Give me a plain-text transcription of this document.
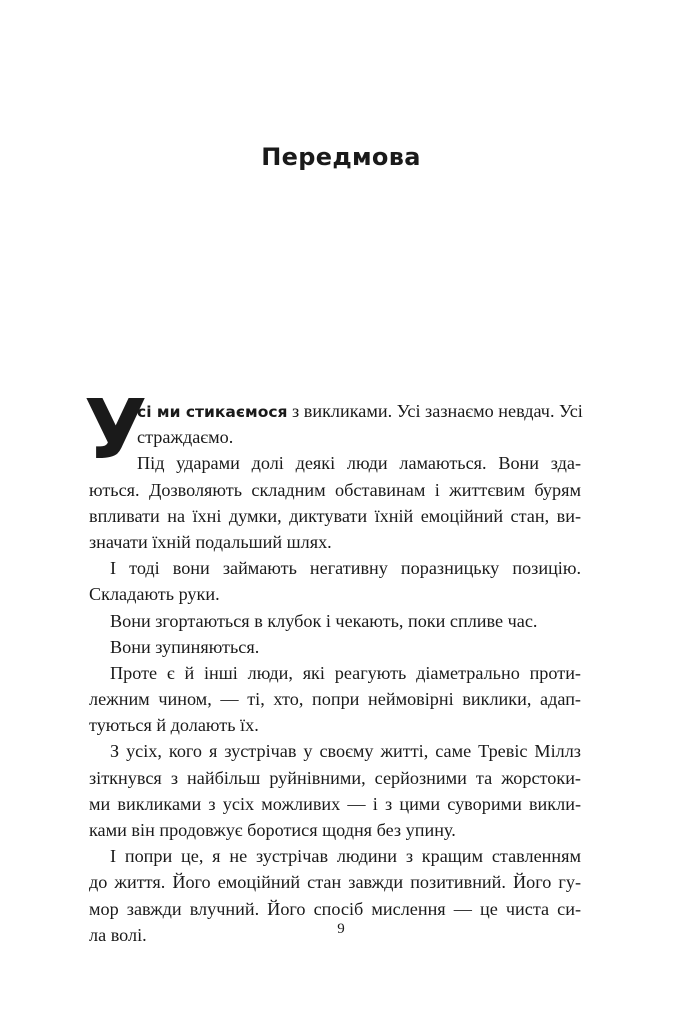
Передмова
У
сі ми стикаємося з викликами. Усі зазнаємо невдач. Усі
страждаємо.
Під ударами долі деякі люди ламаються. Вони зда-
ються. Дозволяють складним обставинам і життєвим бурям
впливати на їхні думки, диктувати їхній емоційний стан, ви-
значати їхній подальший шлях.
І тоді вони займають негативну поразницьку позицію.
Складають руки.
Вони згортаються в клубок і чекають, поки спливе час.
Вони зупиняються.
Проте є й інші люди, які реагують діаметрально проти-
лежним чином, — ті, хто, попри неймовірні виклики, адап-
туються й долають їх.
З усіх, кого я зустрічав у своєму житті, саме Тревіс Міллз
зіткнувся з найбільш руйнівними, серйозними та жорстоки-
ми викликами з усіх можливих — і з цими суворими викли-
ками він продовжує боротися щодня без упину.
І попри це, я не зустрічав людини з кращим ставленням
до життя. Його емоційний стан завжди позитивний. Його гу-
мор завжди влучний. Його спосіб мислення — це чиста си-
ла волі.	9
